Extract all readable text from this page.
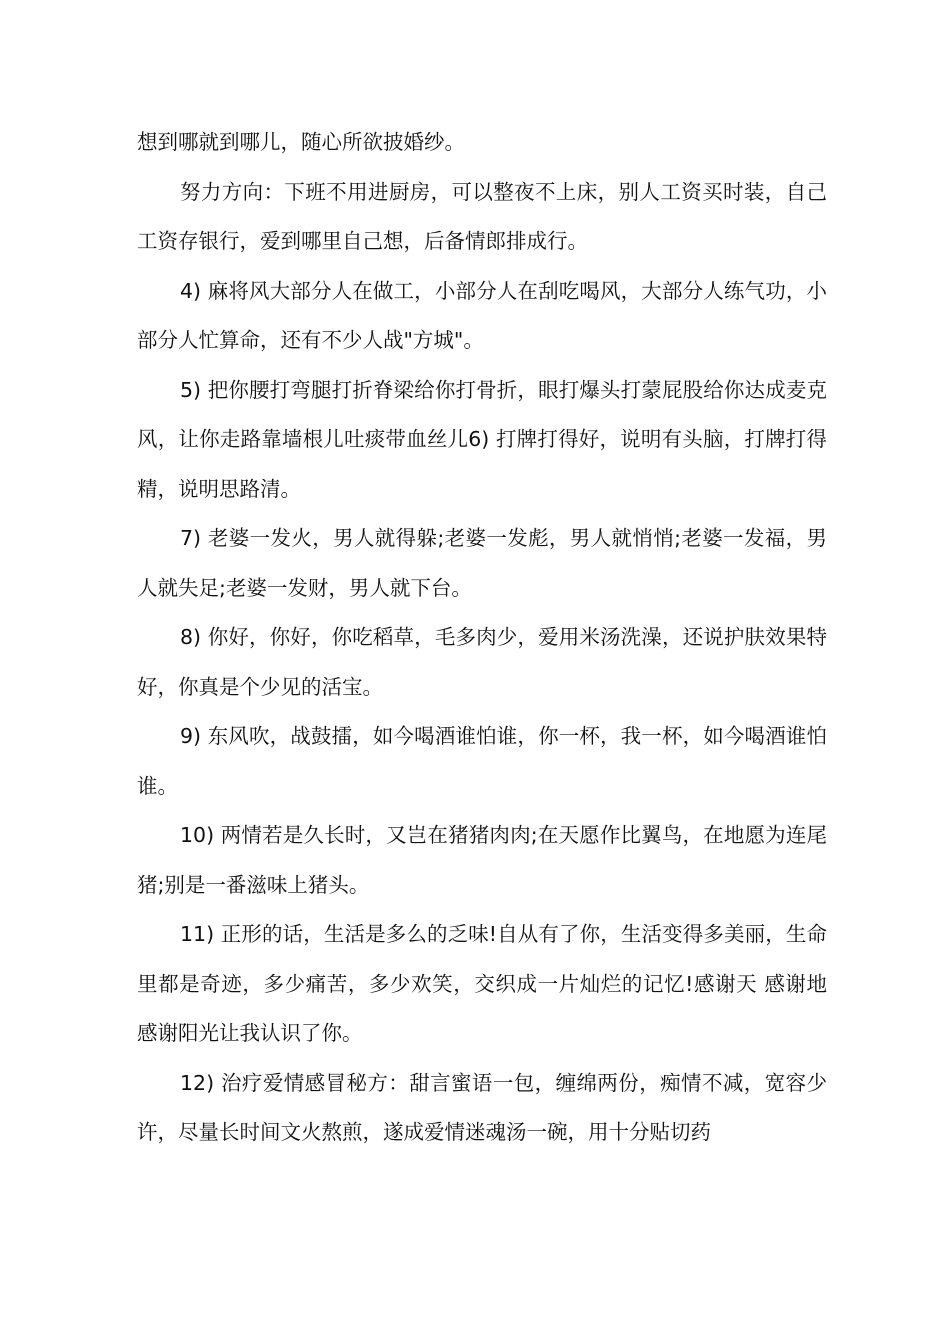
想到哪就到哪儿，随心所欲披婚纱。

努力方向：下班不用进厨房，可以整夜不上床，别人工资买时装，自己工资存银行，爱到哪里自己想，后备情郎排成行。

4) 麻将风大部分人在做工，小部分人在刮吃喝风，大部分人练气功，小部分人忙算命，还有不少人战"方城"。

5) 把你腰打弯腿打折脊梁给你打骨折，眼打爆头打蒙屁股给你达成麦克风，让你走路靠墙根儿吐痰带血丝儿6) 打牌打得好，说明有头脑，打牌打得精，说明思路清。

7) 老婆一发火，男人就得躲;老婆一发彪，男人就悄悄;老婆一发福，男人就失足;老婆一发财，男人就下台。

8) 你好，你好，你吃稻草，毛多肉少，爱用米汤洗澡，还说护肤效果特好，你真是个少见的活宝。

9) 东风吹，战鼓擂，如今喝酒谁怕谁，你一杯，我一杯，如今喝酒谁怕谁。

10) 两情若是久长时，又岂在猪猪肉肉;在天愿作比翼鸟，在地愿为连尾猪;别是一番滋味上猪头。

11) 正形的话，生活是多么的乏味!自从有了你，生活变得多美丽，生命里都是奇迹，多少痛苦，多少欢笑，交织成一片灿烂的记忆!感谢天 感谢地 感谢阳光让我认识了你。

12) 治疗爱情感冒秘方：甜言蜜语一包，缠绵两份，痴情不减，宽容少许，尽量长时间文火熬煎，遂成爱情迷魂汤一碗，用十分贴切药
